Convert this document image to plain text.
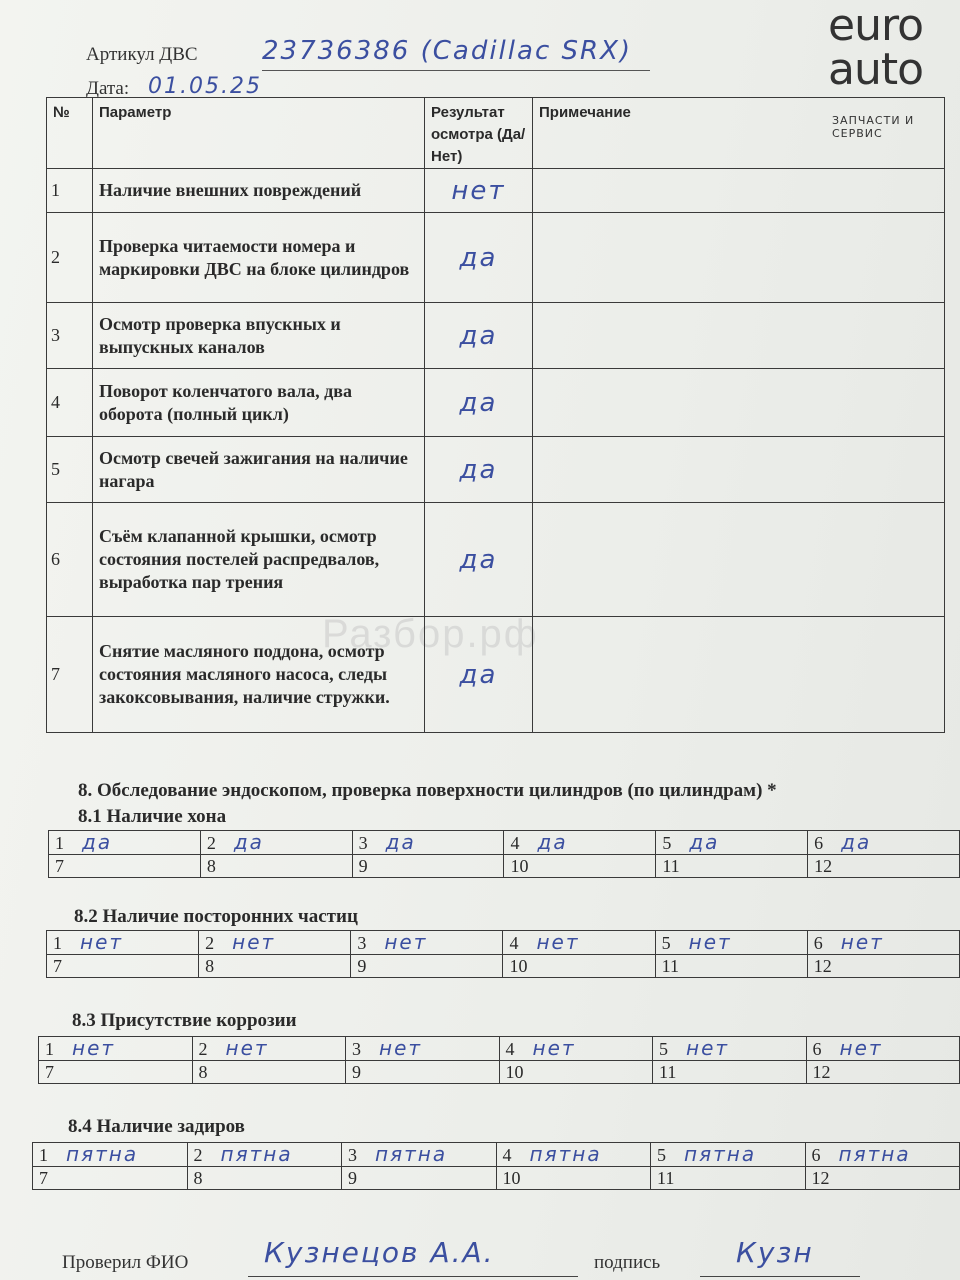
Разбор.рф
Артикул ДВС 23736386 (Cadillac SRX)
Дата: 01.05.25
euro
auto
ЗАПЧАСТИ И СЕРВИС
№	Параметр	Результат осмотра (Да/Нет)	Примечание
1	Наличие внешних повреждений	нет	
2	Проверка читаемости номера и маркировки ДВС на блоке цилиндров	да	
3	Осмотр проверка впускных и выпускных каналов	да	
4	Поворот коленчатого вала, два оборота (полный цикл)	да	
5	Осмотр свечей зажигания на наличие нагара	да	
6	Съём клапанной крышки, осмотр состояния постелей распредвалов, выработка пар трения	да	
7	Снятие масляного поддона, осмотр состояния масляного насоса, следы закоксовывания, наличие стружки.	да	
8. Обследование эндоскопом, проверка поверхности цилиндров (по цилиндрам) *
8.1 Наличие хона
1 да	2 да	3 да	4 да	5 да	6 да
7	8	9	10	11	12
8.2 Наличие посторонних частиц
1 нет	2 нет	3 нет	4 нет	5 нет	6 нет
7	8	9	10	11	12
8.3 Присутствие коррозии
1 нет	2 нет	3 нет	4 нет	5 нет	6 нет
7	8	9	10	11	12
8.4 Наличие задиров
1 пятна	2 пятна	3 пятна	4 пятна	5 пятна	6 пятна
7	8	9	10	11	12
Проверил ФИО	Кузнецов А.А.	подпись	Кузн
